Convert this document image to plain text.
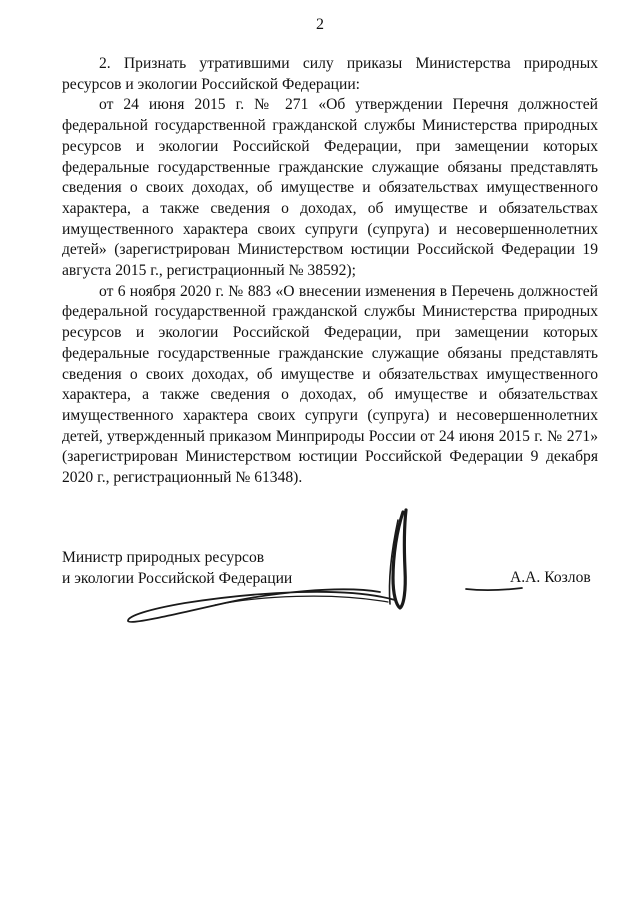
2

2. Признать утратившими силу приказы Министерства природных ресурсов и экологии Российской Федерации:

от 24 июня 2015 г. № 271 «Об утверждении Перечня должностей федеральной государственной гражданской службы Министерства природных ресурсов и экологии Российской Федерации, при замещении которых федеральные государственные гражданские служащие обязаны представлять сведения о своих доходах, об имуществе и обязательствах имущественного характера, а также сведения о доходах, об имуществе и обязательствах имущественного характера своих супруги (супруга) и несовершеннолетних детей» (зарегистрирован Министерством юстиции Российской Федерации 19 августа 2015 г., регистрационный № 38592);

от 6 ноября 2020 г. № 883 «О внесении изменения в Перечень должностей федеральной государственной гражданской службы Министерства природных ресурсов и экологии Российской Федерации, при замещении которых федеральные государственные гражданские служащие обязаны представлять сведения о своих доходах, об имуществе и обязательствах имущественного характера, а также сведения о доходах, об имуществе и обязательствах имущественного характера своих супруги (супруга) и несовершеннолетних детей, утвержденный приказом Минприроды России от 24 июня 2015 г. № 271» (зарегистрирован Министерством юстиции Российской Федерации 9 декабря 2020 г., регистрационный № 61348).

Министр природных ресурсов
и экологии Российской Федерации	А.А. Козлов
